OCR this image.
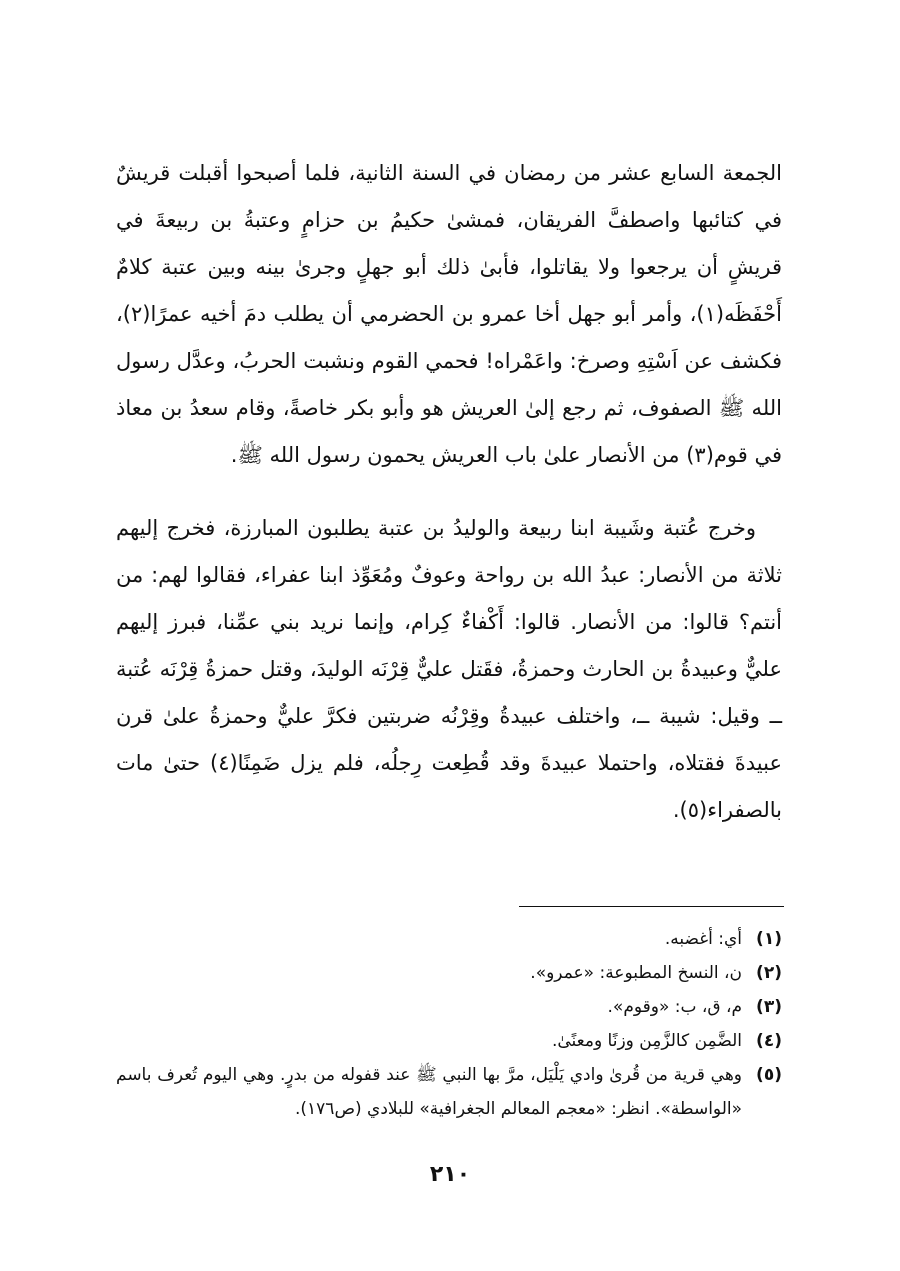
الجمعة السابع عشر من رمضان في السنة الثانية، فلما أصبحوا أقبلت قريشٌ في كتائبها واصطفَّ الفريقان، فمشىٰ حكيمُ بن حزامٍ وعتبةُ بن ربيعةَ في قريشٍ أن يرجعوا ولا يقاتلوا، فأبىٰ ذلك أبو جهلٍ وجرىٰ بينه وبين عتبة كلامٌ أَحْفَظَه(١)، وأمر أبو جهل أخا عمرو بن الحضرمي أن يطلب دمَ أخيه عمرًا(٢)، فكشف عن اَسْتِهِ وصرخ: واعَمْراه! فحمي القوم ونشبت الحربُ، وعدَّل رسول الله ﷺ الصفوف، ثم رجع إلىٰ العريش هو وأبو بكر خاصةً، وقام سعدُ بن معاذ في قوم(٣) من الأنصار علىٰ باب العريش يحمون رسول الله ﷺ.

وخرج عُتبة وشَيبة ابنا ربيعة والوليدُ بن عتبة يطلبون المبارزة، فخرج إليهم ثلاثة من الأنصار: عبدُ الله بن رواحة وعوفٌ ومُعَوِّذ ابنا عفراء، فقالوا لهم: من أنتم؟ قالوا: من الأنصار. قالوا: أَكْفاءٌ كِرام، وإنما نريد بني عمِّنا، فبرز إليهم عليٌّ وعبيدةُ بن الحارث وحمزةُ، فقَتل عليٌّ قِرْنَه الوليدَ، وقتل حمزةُ قِرْنَه عُتبة ــ وقيل: شيبة ــ، واختلف عبيدةُ وقِرْنُه ضربتين فكرَّ عليٌّ وحمزةُ علىٰ قرن عبيدةَ فقتلاه، واحتملا عبيدةَ وقد قُطِعت رِجلُه، فلم يزل ضَمِنًا(٤) حتىٰ مات بالصفراء(٥).

(١)
أي: أغضبه.
(٢)
ن، النسخ المطبوعة: «عمرو».
(٣)
م، ق، ب: «وقوم».
(٤)
الضَّمِن كالزَّمِن وزنًا ومعنًىٰ.
(٥)
وهي قرية من قُرىٰ وادي يَلْيَل، مرَّ بها النبي ﷺ عند قفوله من بدرٍ. وهي اليوم تُعرف باسم «الواسطة». انظر: «معجم المعالم الجغرافية» للبلادي (ص١٧٦).
٢١٠
